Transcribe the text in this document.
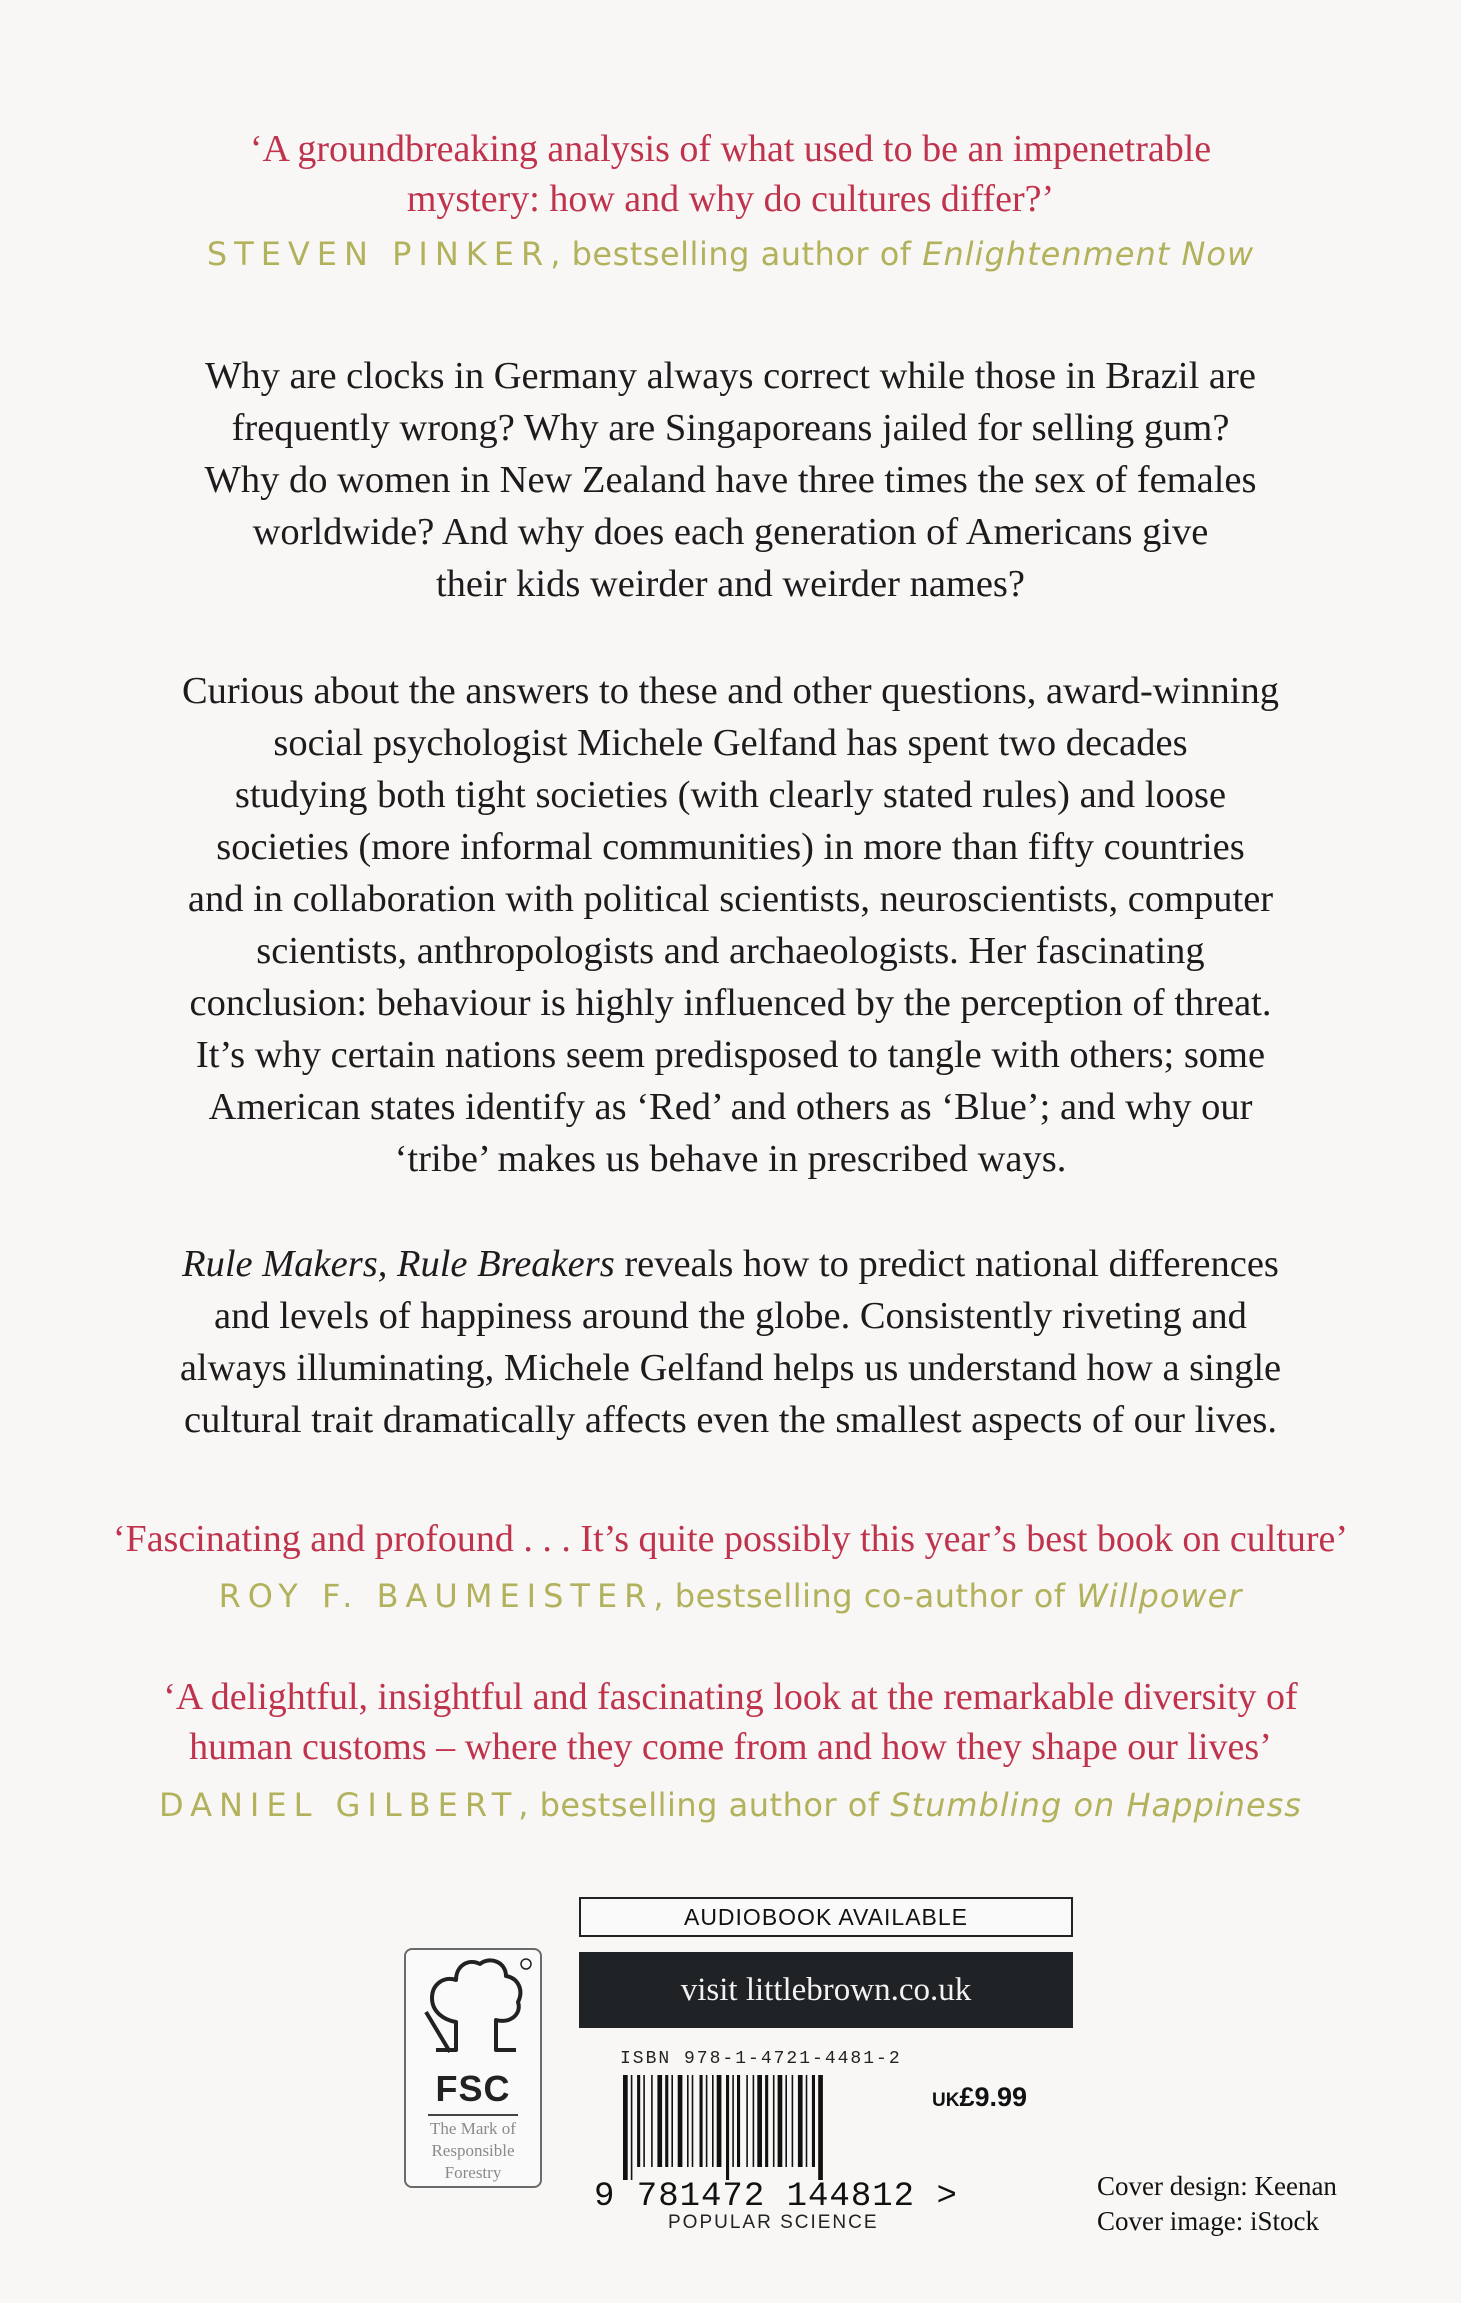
‘A groundbreaking analysis of what used to be an impenetrable
mystery: how and why do cultures differ?’
STEVEN PINKER, bestselling author of Enlightenment Now
Why are clocks in Germany always correct while those in Brazil are
frequently wrong? Why are Singaporeans jailed for selling gum?
Why do women in New Zealand have three times the sex of females
worldwide? And why does each generation of Americans give
their kids weirder and weirder names?
Curious about the answers to these and other questions, award-winning
social psychologist Michele Gelfand has spent two decades
studying both tight societies (with clearly stated rules) and loose
societies (more informal communities) in more than fifty countries
and in collaboration with political scientists, neuroscientists, computer
scientists, anthropologists and archaeologists. Her fascinating
conclusion: behaviour is highly influenced by the perception of threat.
It’s why certain nations seem predisposed to tangle with others; some
American states identify as ‘Red’ and others as ‘Blue’; and why our
‘tribe’ makes us behave in prescribed ways.
Rule Makers, Rule Breakers reveals how to predict national differences
and levels of happiness around the globe. Consistently riveting and
always illuminating, Michele Gelfand helps us understand how a single
cultural trait dramatically affects even the smallest aspects of our lives.
‘Fascinating and profound . . . It’s quite possibly this year’s best book on culture’
ROY F. BAUMEISTER, bestselling co-author of Willpower
‘A delightful, insightful and fascinating look at the remarkable diversity of
human customs – where they come from and how they shape our lives’
DANIEL GILBERT, bestselling author of Stumbling on Happiness
FSC
The Mark of
Responsible
Forestry
AUDIOBOOK AVAILABLE
visit littlebrown.co.uk
ISBN 978-1-4721-4481-2
UK£9.99
9 781472 144812 >
POPULAR SCIENCE
Cover design: Keenan
Cover image: iStock
